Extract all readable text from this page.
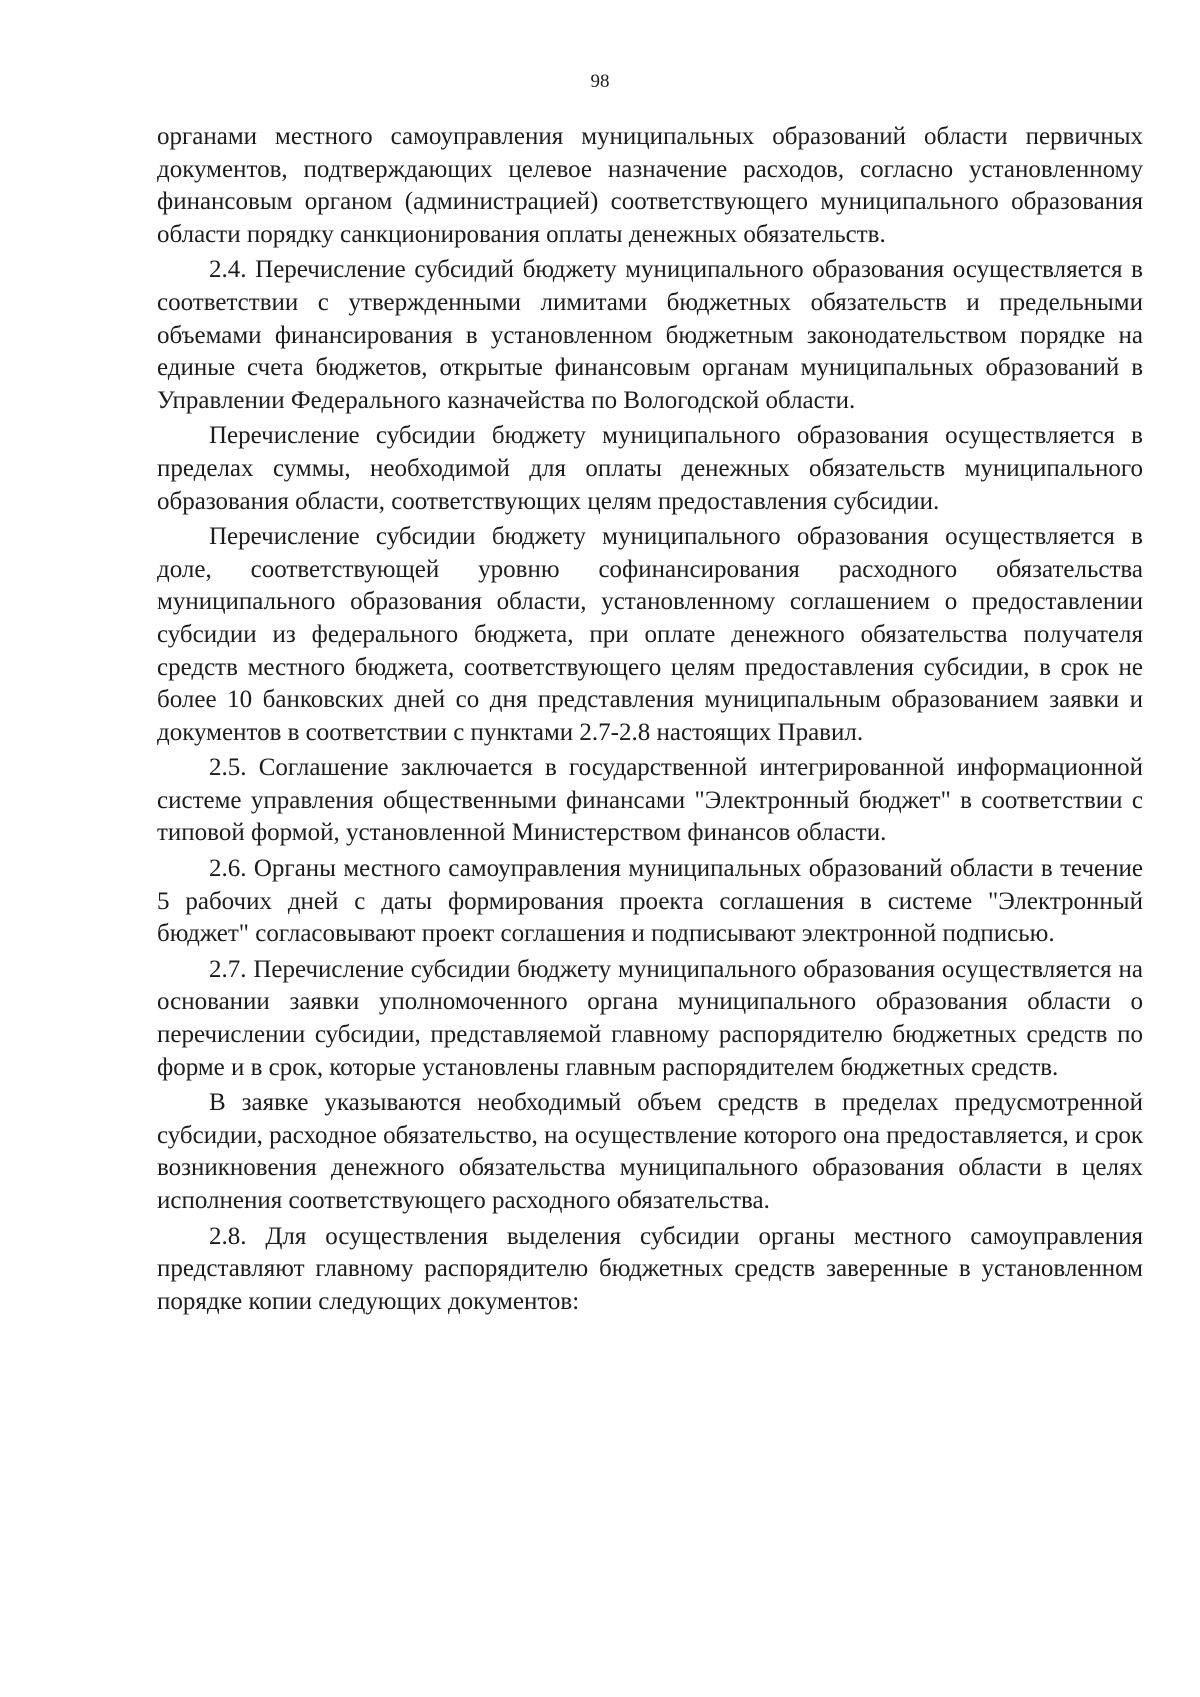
98

органами местного самоуправления муниципальных образований области первичных документов, подтверждающих целевое назначение расходов, согласно установленному финансовым органом (администрацией) соответствующего муниципального образования области порядку санкционирования оплаты денежных обязательств.

2.4. Перечисление субсидий бюджету муниципального образования осуществляется в соответствии с утвержденными лимитами бюджетных обязательств и предельными объемами финансирования в установленном бюджетным законодательством порядке на единые счета бюджетов, открытые финансовым органам муниципальных образований в Управлении Федерального казначейства по Вологодской области.

Перечисление субсидии бюджету муниципального образования осуществляется в пределах суммы, необходимой для оплаты денежных обязательств муниципального образования области, соответствующих целям предоставления субсидии.

Перечисление субсидии бюджету муниципального образования осуществляется в доле, соответствующей уровню софинансирования расходного обязательства муниципального образования области, установленному соглашением о предоставлении субсидии из федерального бюджета, при оплате денежного обязательства получателя средств местного бюджета, соответствующего целям предоставления субсидии, в срок не более 10 банковских дней со дня представления муниципальным образованием заявки и документов в соответствии с пунктами 2.7-2.8 настоящих Правил.

2.5. Соглашение заключается в государственной интегрированной информационной системе управления общественными финансами "Электронный бюджет" в соответствии с типовой формой, установленной Министерством финансов области.

2.6. Органы местного самоуправления муниципальных образований области в течение 5 рабочих дней с даты формирования проекта соглашения в системе "Электронный бюджет" согласовывают проект соглашения и подписывают электронной подписью.

2.7. Перечисление субсидии бюджету муниципального образования осуществляется на основании заявки уполномоченного органа муниципального образования области о перечислении субсидии, представляемой главному распорядителю бюджетных средств по форме и в срок, которые установлены главным распорядителем бюджетных средств.

В заявке указываются необходимый объем средств в пределах предусмотренной субсидии, расходное обязательство, на осуществление которого она предоставляется, и срок возникновения денежного обязательства муниципального образования области в целях исполнения соответствующего расходного обязательства.

2.8. Для осуществления выделения субсидии органы местного самоуправления представляют главному распорядителю бюджетных средств заверенные в установленном порядке копии следующих документов:
